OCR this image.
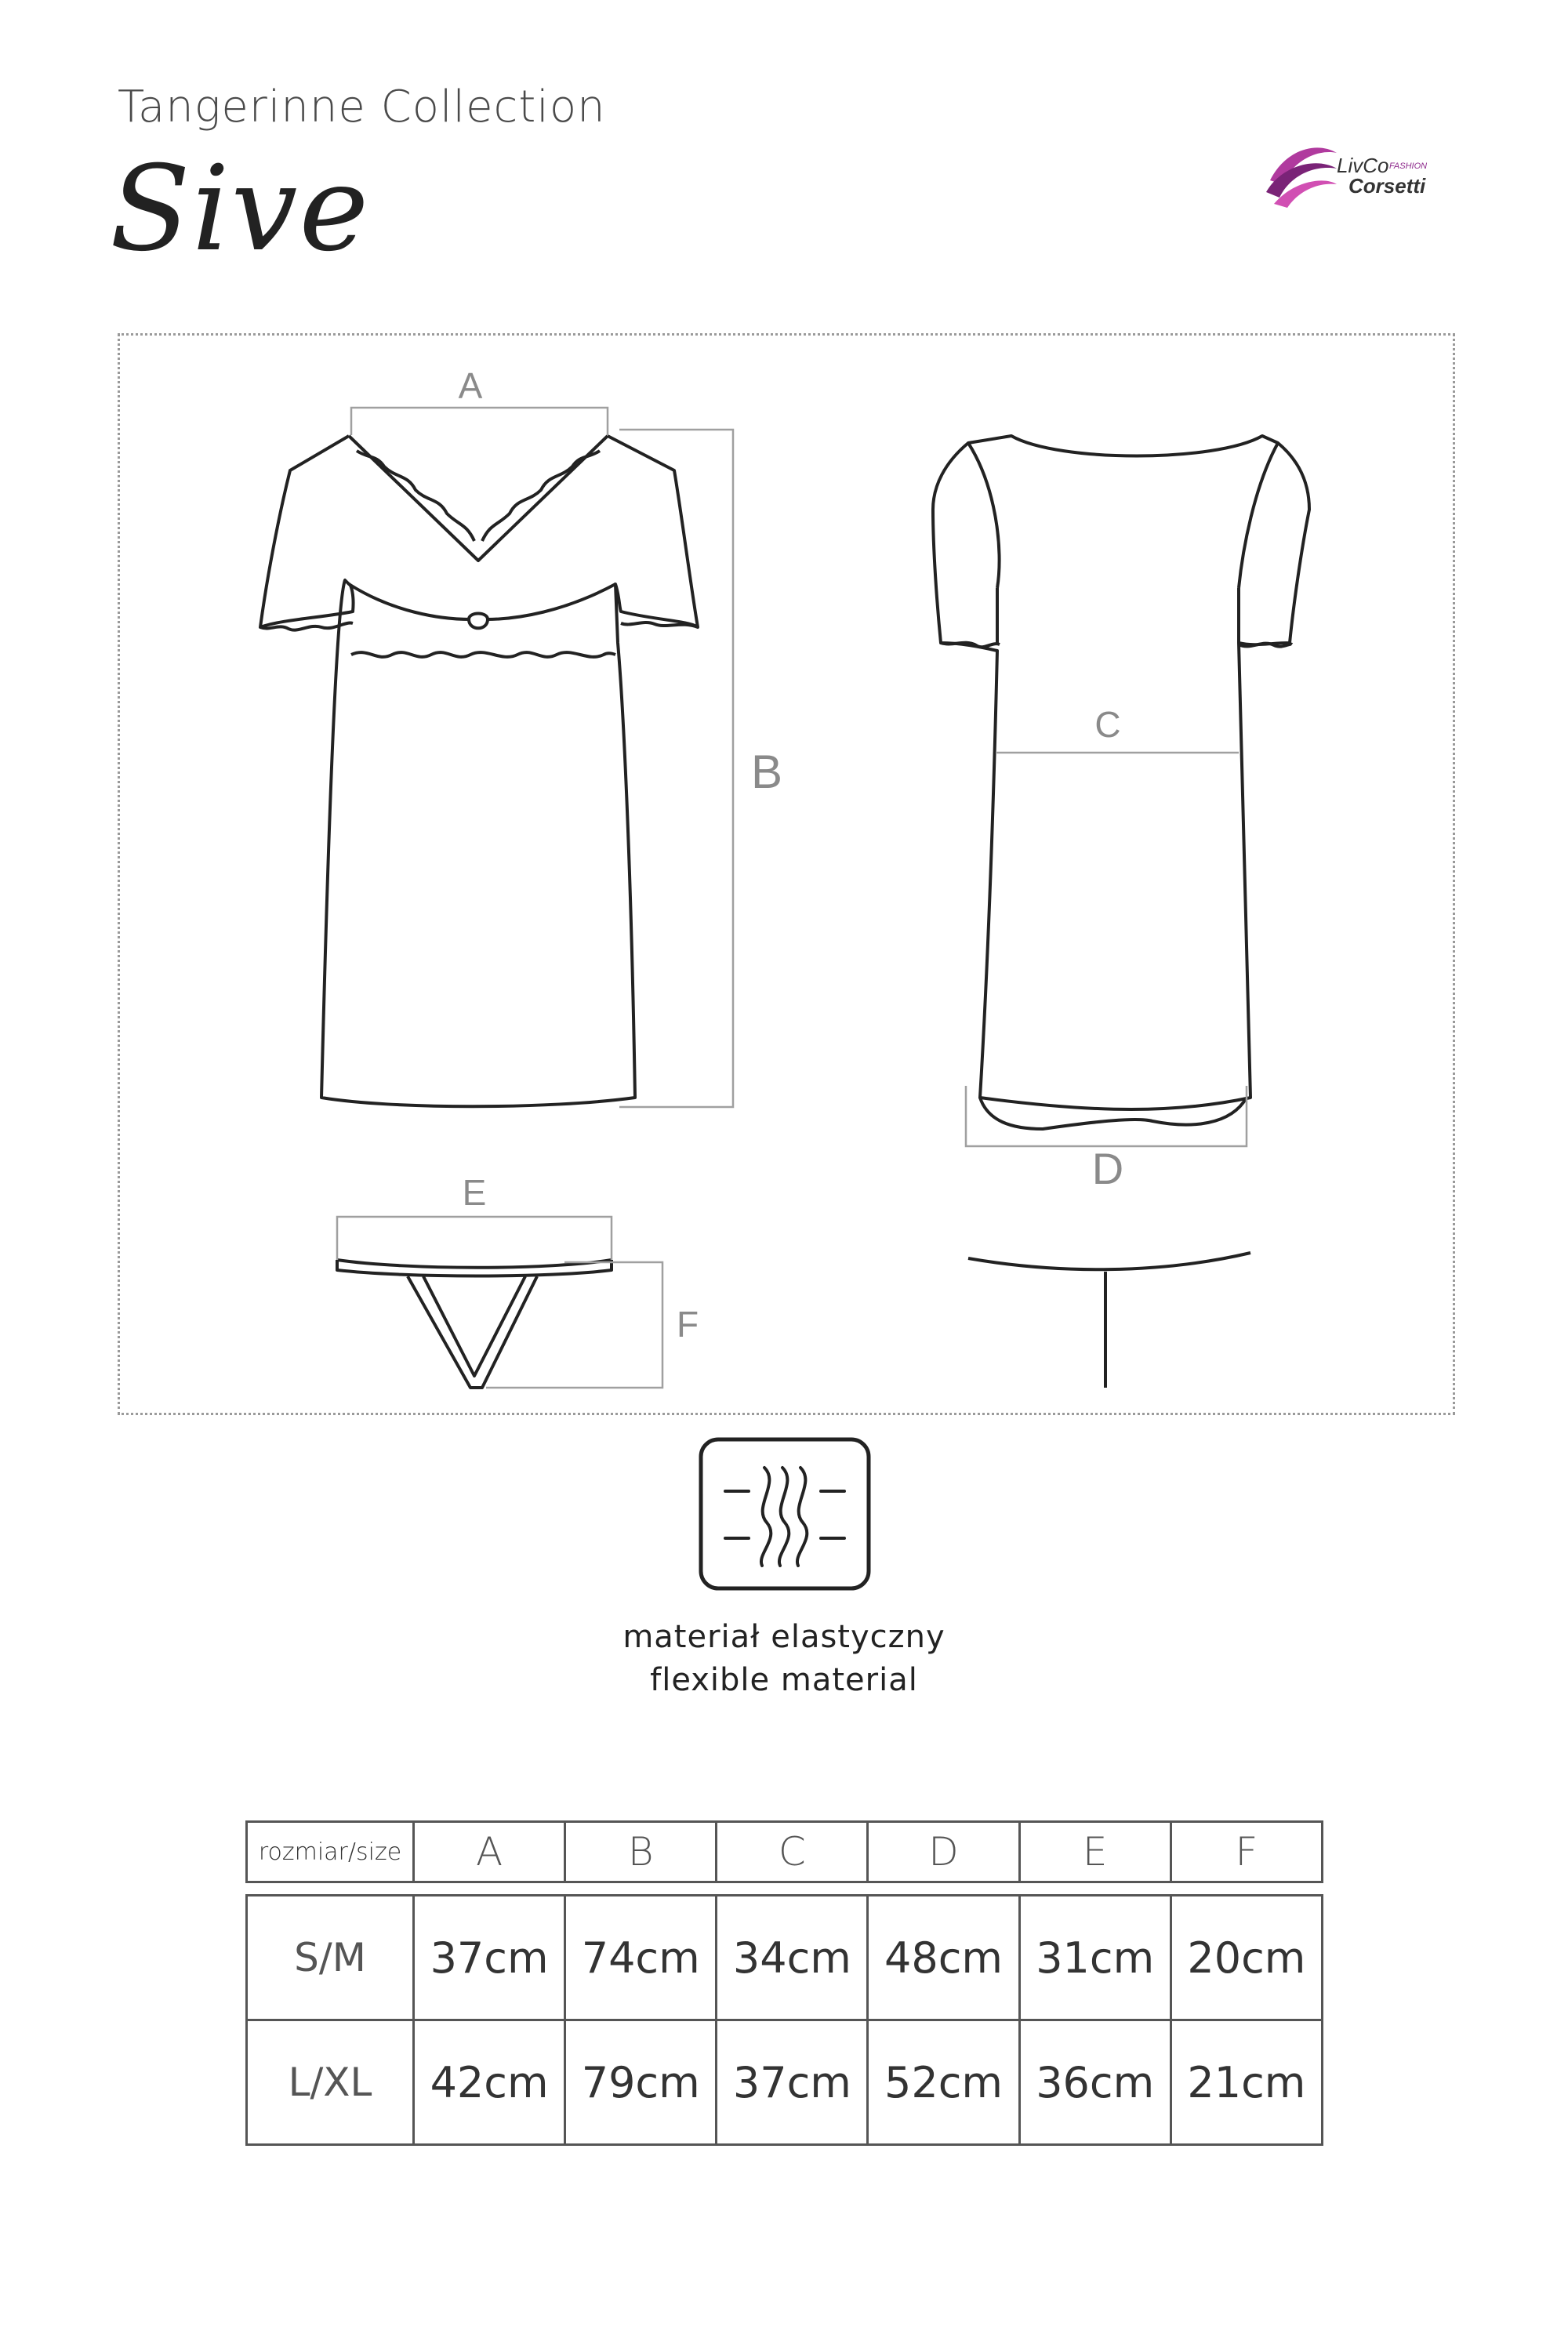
Tangerinne Collection
Sive	LivCo FASHION
Corsetti
A
B
C
D
E
F
materiał elastyczny
flexible material
rozmiar/size	A	B	C	D	E	F

S/M	37cm	74cm	34cm	48cm	31cm	20cm
L/XL	42cm	79cm	37cm	52cm	36cm	21cm
